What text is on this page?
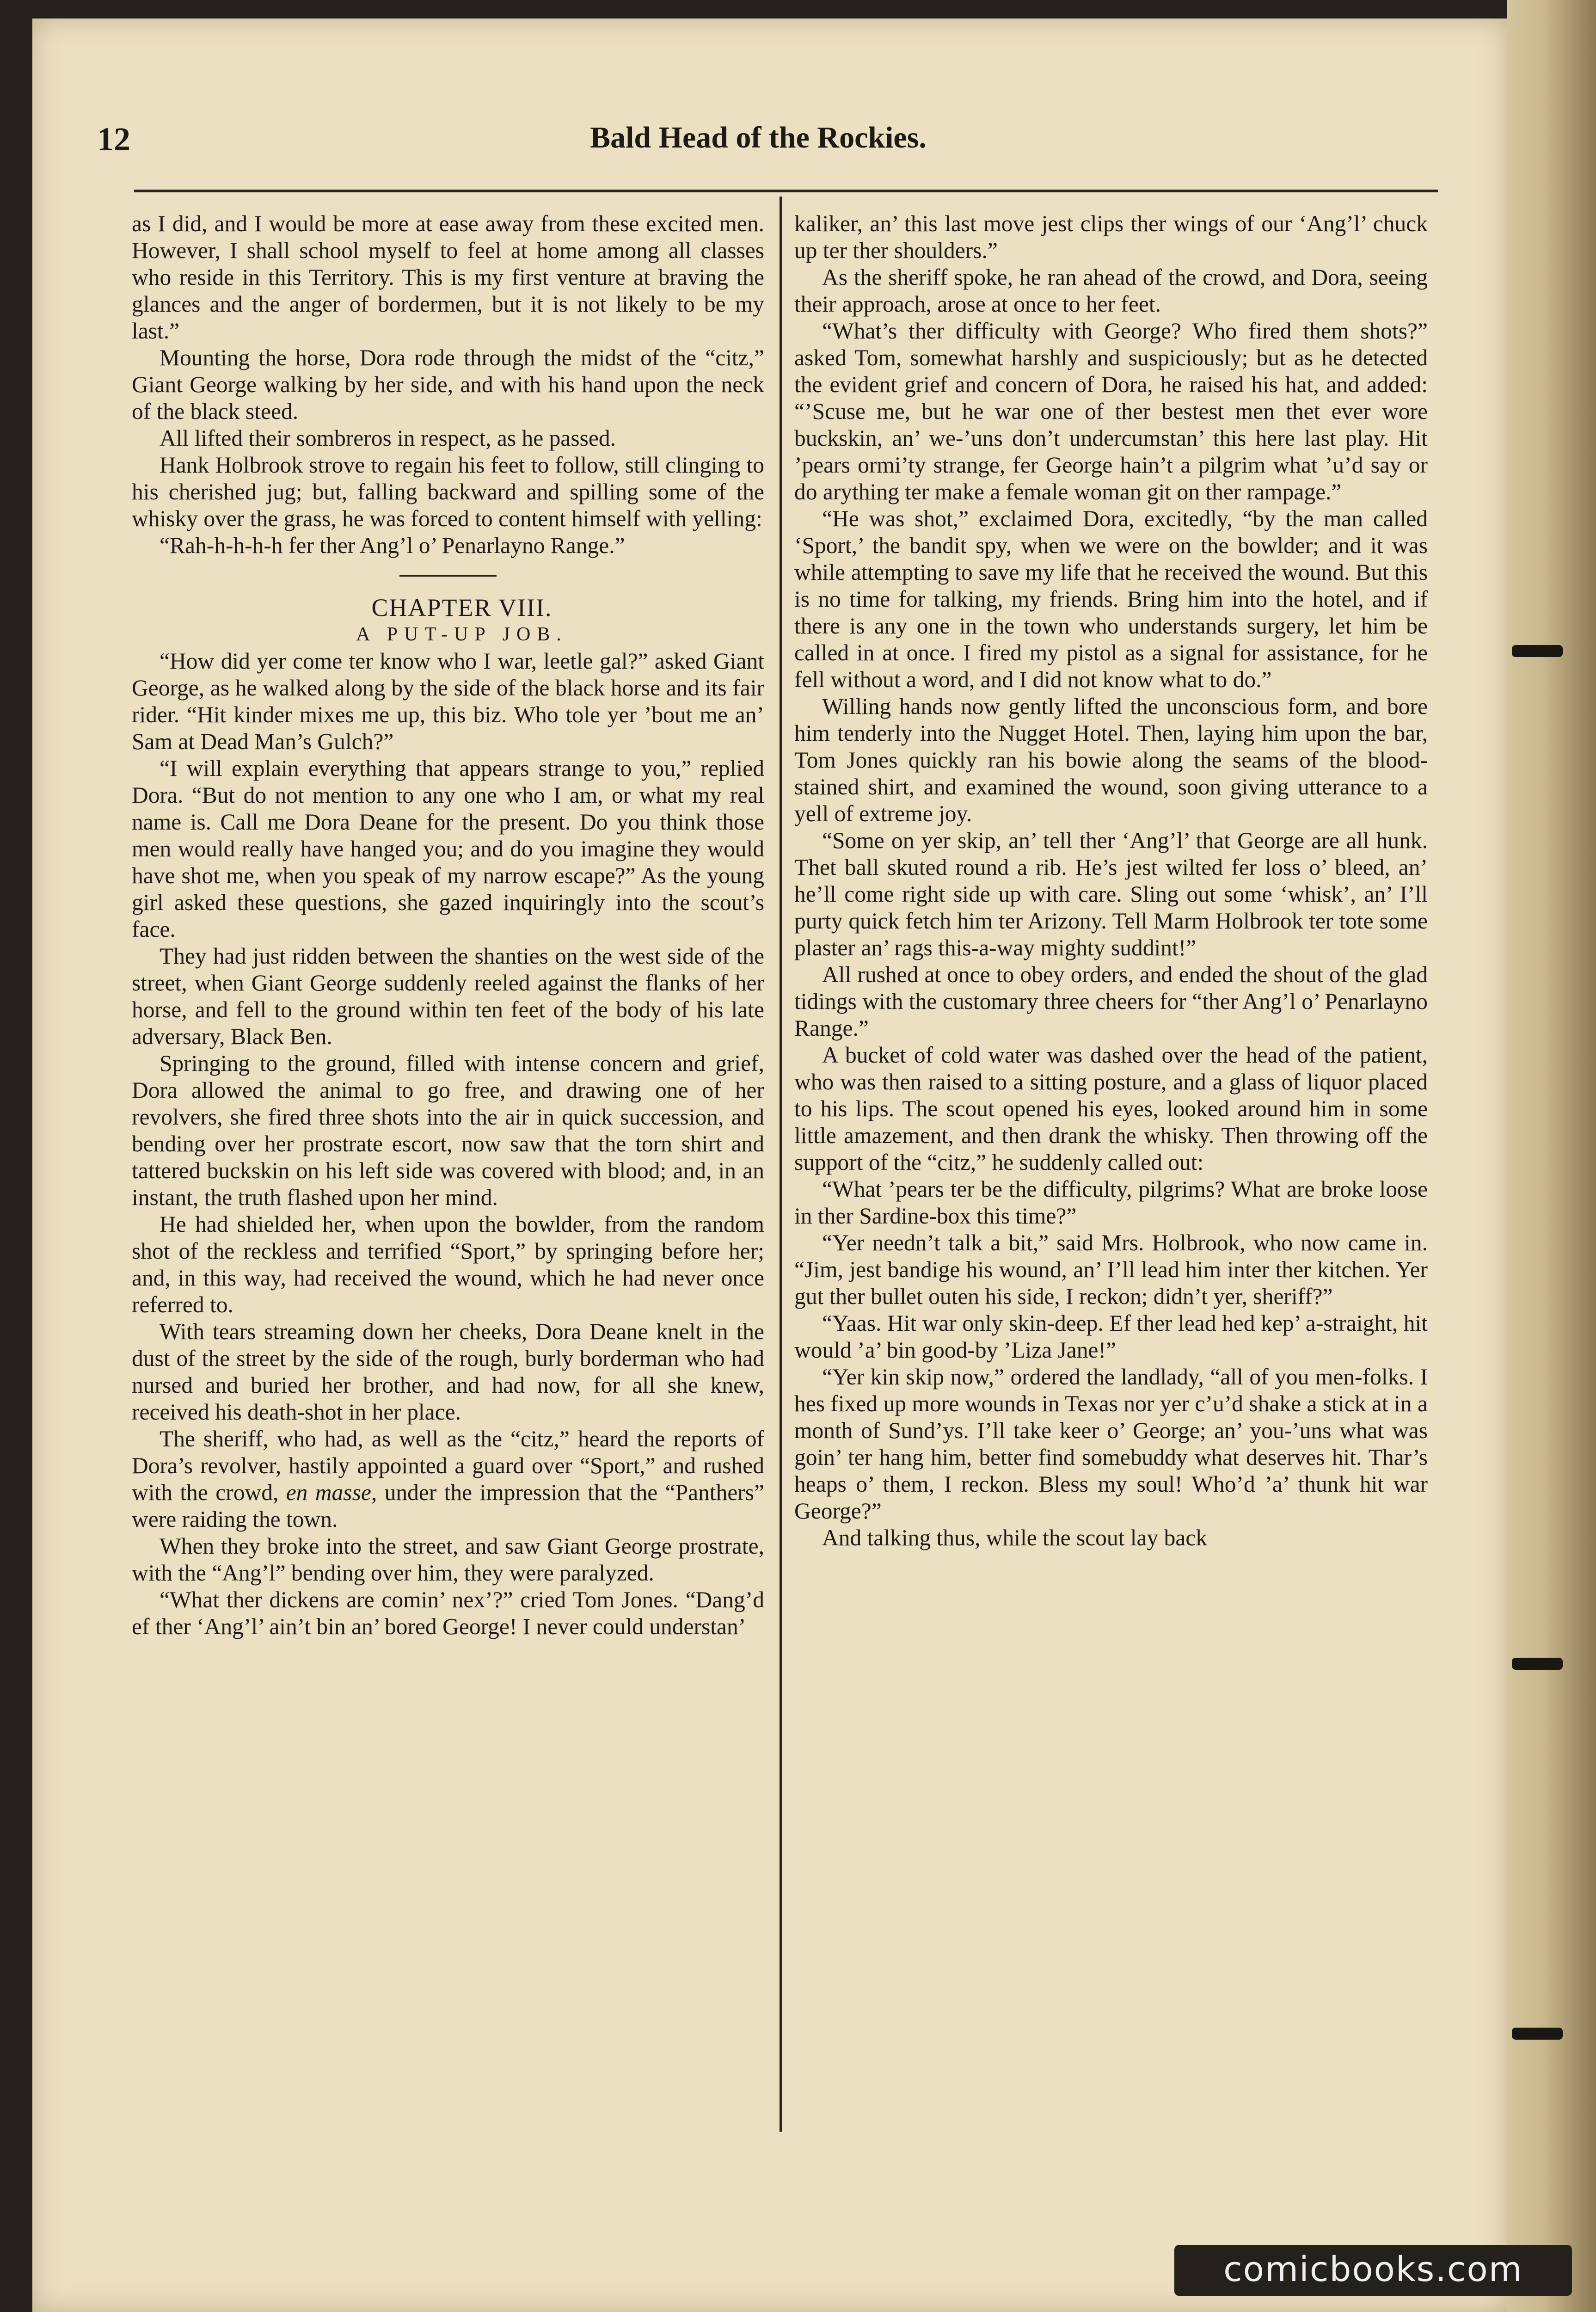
12	Bald Head of the Rockies.

as I did, and I would be more at ease away from these excited men. However, I shall school myself to feel at home among all classes who reside in this Territory. This is my first venture at braving the glances and the anger of bordermen, but it is not likely to be my last.”

Mounting the horse, Dora rode through the midst of the “citz,” Giant George walking by her side, and with his hand upon the neck of the black steed.

All lifted their sombreros in respect, as he passed.

Hank Holbrook strove to regain his feet to follow, still clinging to his cherished jug; but, falling backward and spilling some of the whisky over the grass, he was forced to content himself with yelling:

“Rah-h-h-h-h fer ther Ang’l o’ Penarlayno Range.”

CHAPTER VIII.

A PUT-UP JOB.

“How did yer come ter know who I war, leetle gal?” asked Giant George, as he walked along by the side of the black horse and its fair rider. “Hit kinder mixes me up, this biz. Who tole yer ’bout me an’ Sam at Dead Man’s Gulch?”

“I will explain everything that appears strange to you,” replied Dora. “But do not mention to any one who I am, or what my real name is. Call me Dora Deane for the present. Do you think those men would really have hanged you; and do you imagine they would have shot me, when you speak of my narrow escape?” As the young girl asked these questions, she gazed inquiringly into the scout’s face.

They had just ridden between the shanties on the west side of the street, when Giant George suddenly reeled against the flanks of her horse, and fell to the ground within ten feet of the body of his late adversary, Black Ben.

Springing to the ground, filled with intense concern and grief, Dora allowed the animal to go free, and drawing one of her revolvers, she fired three shots into the air in quick succession, and bending over her prostrate escort, now saw that the torn shirt and tattered buckskin on his left side was covered with blood; and, in an instant, the truth flashed upon her mind.

He had shielded her, when upon the bowlder, from the random shot of the reckless and terrified “Sport,” by springing before her; and, in this way, had received the wound, which he had never once referred to.

With tears streaming down her cheeks, Dora Deane knelt in the dust of the street by the side of the rough, burly borderman who had nursed and buried her brother, and had now, for all she knew, received his death-shot in her place.

The sheriff, who had, as well as the “citz,” heard the reports of Dora’s revolver, hastily appointed a guard over “Sport,” and rushed with the crowd, en masse, under the impression that the “Panthers” were raiding the town.

When they broke into the street, and saw Giant George prostrate, with the “Ang’l” bending over him, they were paralyzed.

“What ther dickens are comin’ nex’?” cried Tom Jones. “Dang’d ef ther ‘Ang’l’ ain’t bin an’ bored George! I never could understan’

kaliker, an’ this last move jest clips ther wings of our ‘Ang’l’ chuck up ter ther shoulders.”

As the sheriff spoke, he ran ahead of the crowd, and Dora, seeing their approach, arose at once to her feet.

“What’s ther difficulty with George? Who fired them shots?” asked Tom, somewhat harshly and suspiciously; but as he detected the evident grief and concern of Dora, he raised his hat, and added: “’Scuse me, but he war one of ther bestest men thet ever wore buckskin, an’ we-’uns don’t undercumstan’ this here last play. Hit ’pears ormi’ty strange, fer George hain’t a pilgrim what ’u’d say or do arything ter make a female woman git on ther rampage.”

“He was shot,” exclaimed Dora, excitedly, “by the man called ‘Sport,’ the bandit spy, when we were on the bowlder; and it was while attempting to save my life that he received the wound. But this is no time for talking, my friends. Bring him into the hotel, and if there is any one in the town who understands surgery, let him be called in at once. I fired my pistol as a signal for assistance, for he fell without a word, and I did not know what to do.”

Willing hands now gently lifted the unconscious form, and bore him tenderly into the Nugget Hotel. Then, laying him upon the bar, Tom Jones quickly ran his bowie along the seams of the blood-stained shirt, and examined the wound, soon giving utterance to a yell of extreme joy.

“Some on yer skip, an’ tell ther ‘Ang’l’ that George are all hunk. Thet ball skuted round a rib. He’s jest wilted fer loss o’ bleed, an’ he’ll come right side up with care. Sling out some ‘whisk’, an’ I’ll purty quick fetch him ter Arizony. Tell Marm Holbrook ter tote some plaster an’ rags this-a-way mighty suddint!”

All rushed at once to obey orders, and ended the shout of the glad tidings with the customary three cheers for “ther Ang’l o’ Penarlayno Range.”

A bucket of cold water was dashed over the head of the patient, who was then raised to a sitting posture, and a glass of liquor placed to his lips. The scout opened his eyes, looked around him in some little amazement, and then drank the whisky. Then throwing off the support of the “citz,” he suddenly called out:

“What ’pears ter be the difficulty, pilgrims? What are broke loose in ther Sardine-box this time?”

“Yer needn’t talk a bit,” said Mrs. Holbrook, who now came in. “Jim, jest bandige his wound, an’ I’ll lead him inter ther kitchen. Yer gut ther bullet outen his side, I reckon; didn’t yer, sheriff?”

“Yaas. Hit war only skin-deep. Ef ther lead hed kep’ a-straight, hit would ’a’ bin good-by ’Liza Jane!”

“Yer kin skip now,” ordered the landlady, “all of you men-folks. I hes fixed up more wounds in Texas nor yer c’u’d shake a stick at in a month of Sund’ys. I’ll take keer o’ George; an’ you-’uns what was goin’ ter hang him, better find somebuddy what deserves hit. Thar’s heaps o’ them, I reckon. Bless my soul! Who’d ’a’ thunk hit war George?”

And talking thus, while the scout lay back

comicbooks.com
